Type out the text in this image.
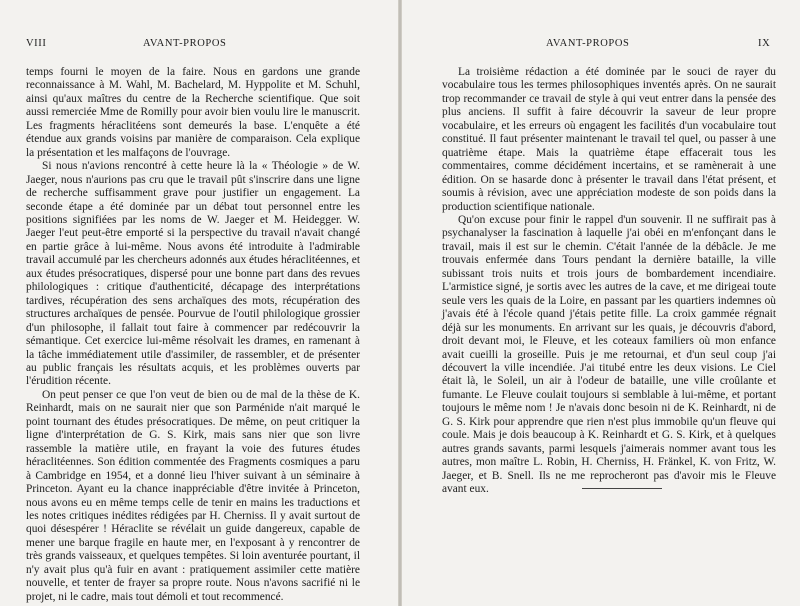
VIII	AVANT-PROPOS

temps fourni le moyen de la faire. Nous en gardons une grande reconnaissance à M. Wahl, M. Bachelard, M. Hyppolite et M. Schuhl, ainsi qu'aux maîtres du centre de la Recherche scientifique. Que soit aussi remerciée Mme de Romilly pour avoir bien voulu lire le manuscrit. Les fragments héraclitéens sont demeurés la base. L'enquête a été étendue aux grands voisins par manière de comparaison. Cela explique la présentation et les malfaçons de l'ouvrage.

Si nous n'avions rencontré à cette heure là la « Théologie » de W. Jaeger, nous n'aurions pas cru que le travail pût s'inscrire dans une ligne de recherche suffisamment grave pour justifier un engagement. La seconde étape a été dominée par un débat tout personnel entre les positions signifiées par les noms de W. Jaeger et M. Heidegger. W. Jaeger l'eut peut-être emporté si la perspective du travail n'avait changé en partie grâce à lui-même. Nous avons été introduite à l'admirable travail accumulé par les chercheurs adonnés aux études héraclitéennes, et aux études présocratiques, dispersé pour une bonne part dans des revues philologiques : critique d'authenticité, décapage des interprétations tardives, récupération des sens archaïques des mots, récupération des structures archaïques de pensée. Pourvue de l'outil philologique grossier d'un philosophe, il fallait tout faire à commencer par redécouvrir la sémantique. Cet exercice lui-même résolvait les drames, en ramenant à la tâche immédiatement utile d'assimiler, de rassembler, et de présenter au public français les résultats acquis, et les problèmes ouverts par l'érudition récente.

On peut penser ce que l'on veut de bien ou de mal de la thèse de K. Reinhardt, mais on ne saurait nier que son Parménide n'ait marqué le point tournant des études présocratiques. De même, on peut critiquer la ligne d'interprétation de G. S. Kirk, mais sans nier que son livre rassemble la matière utile, en frayant la voie des futures études héraclitéennes. Son édition commentée des Fragments cosmiques a paru à Cambridge en 1954, et a donné lieu l'hiver suivant à un séminaire à Princeton. Ayant eu la chance inappréciable d'être invitée à Princeton, nous avons eu en même temps celle de tenir en mains les traductions et les notes critiques inédites rédigées par H. Cherniss. Il y avait surtout de quoi désespérer ! Héraclite se révélait un guide dangereux, capable de mener une barque fragile en haute mer, en l'exposant à y rencontrer de très grands vaisseaux, et quelques tempêtes. Si loin aventurée pourtant, il n'y avait plus qu'à fuir en avant : pratiquement assimiler cette matière nouvelle, et tenter de frayer sa propre route. Nous n'avons sacrifié ni le projet, ni le cadre, mais tout démoli et tout recommencé.

AVANT-PROPOS	IX

La troisième rédaction a été dominée par le souci de rayer du vocabulaire tous les termes philosophiques inventés après. On ne saurait trop recommander ce travail de style à qui veut entrer dans la pensée des plus anciens. Il suffit à faire découvrir la saveur de leur propre vocabulaire, et les erreurs où engagent les facilités d'un vocabulaire tout constitué. Il faut présenter maintenant le travail tel quel, ou passer à une quatrième étape. Mais la quatrième étape effacerait tous les commentaires, comme décidément incertains, et se ramènerait à une édition. On se hasarde donc à présenter le travail dans l'état présent, et soumis à révision, avec une appréciation modeste de son poids dans la production scientifique nationale.

Qu'on excuse pour finir le rappel d'un souvenir. Il ne suffirait pas à psychanalyser la fascination à laquelle j'ai obéi en m'enfonçant dans le travail, mais il est sur le chemin. C'était l'année de la débâcle. Je me trouvais enfermée dans Tours pendant la dernière bataille, la ville subissant trois nuits et trois jours de bombardement incendiaire. L'armistice signé, je sortis avec les autres de la cave, et me dirigeai toute seule vers les quais de la Loire, en passant par les quartiers indemnes où j'avais été à l'école quand j'étais petite fille. La croix gammée régnait déjà sur les monuments. En arrivant sur les quais, je découvris d'abord, droit devant moi, le Fleuve, et les coteaux familiers où mon enfance avait cueilli la groseille. Puis je me retournai, et d'un seul coup j'ai découvert la ville incendiée. J'ai titubé entre les deux visions. Le Ciel était là, le Soleil, un air à l'odeur de bataille, une ville croûlante et fumante. Le Fleuve coulait toujours si semblable à lui-même, et portant toujours le même nom ! Je n'avais donc besoin ni de K. Reinhardt, ni de G. S. Kirk pour apprendre que rien n'est plus immobile qu'un fleuve qui coule. Mais je dois beaucoup à K. Reinhardt et G. S. Kirk, et à quelques autres grands savants, parmi lesquels j'aimerais nommer avant tous les autres, mon maître L. Robin, H. Cherniss, H. Fränkel, K. von Fritz, W. Jaeger, et B. Snell. Ils ne me reprocheront pas d'avoir mis le Fleuve avant eux.
